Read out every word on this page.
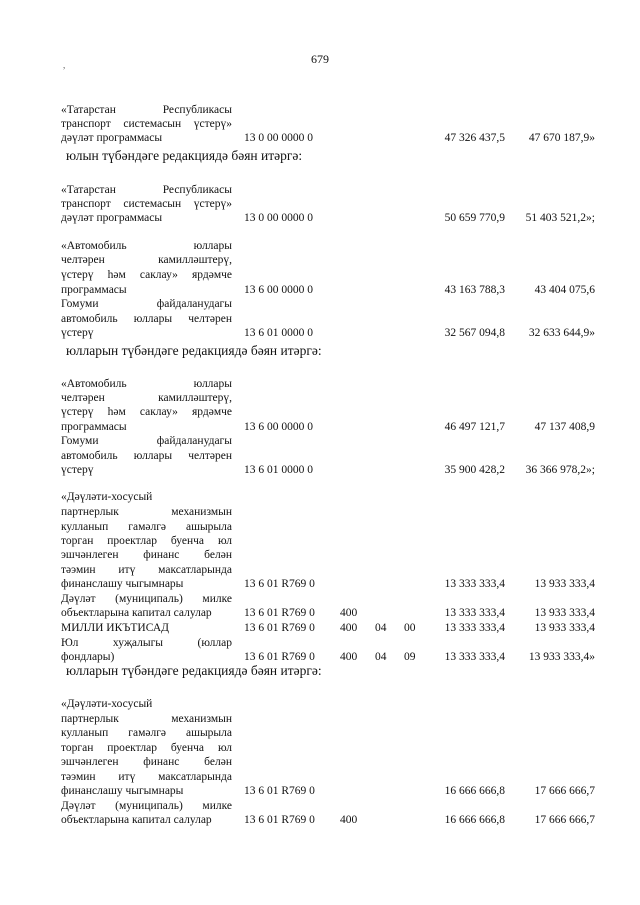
679
,
«Татарстан Республикасы
транспорт системасын үстерү»
дәүләт программасы	13 0 00 0000 0	47 326 437,5 47 670 187,9»
юлын түбәндәге редакциядә бәян итәргә:
«Татарстан Республикасы
транспорт системасын үстерү»
дәүләт программасы	13 0 00 0000 0	50 659 770,9 51 403 521,2»;
«Автомобиль юллары
челтәрен камилләштерү,
үстерү һәм саклау» ярдәмче
программасы	13 6 00 0000 0	43 163 788,3	43 404 075,6
Гомуми файдаланудагы
автомобиль юллары челтәрен
үстерү	13 6 01 0000 0	32 567 094,8 32 633 644,9»
юлларын түбәндәге редакциядә бәян итәргә:
«Автомобиль юллары
челтәрен камилләштерү,
үстерү һәм саклау» ярдәмче
программасы	13 6 00 0000 0	46 497 121,7	47 137 408,9
Гомуми файдаланудагы
автомобиль юллары челтәрен
үстерү	13 6 01 0000 0	35 900 428,2 36 366 978,2»;
«Дәүләти-хосусый
партнерлык механизмын
кулланып гамәлгә ашырыла
торган проектлар буенча юл
эшчәнлеген финанс белән
тәэмин итү максатларында
финанслашу чыгымнары	13 6 01 R769 0	13 333 333,4	13 933 333,4
Дәүләт (муниципаль) милке
объектларына капитал салулар	13 6 01 R769 0 400	13 333 333,4	13 933 333,4
МИЛЛИ ИКЪТИСАД	13 6 01 R769 0 400 04 00	13 333 333,4	13 933 333,4
Юл хуҗалыгы (юллар
фондлары)	13 6 01 R769 0 400 04 09	13 333 333,4 13 933 333,4»
юлларын түбәндәге редакциядә бәян итәргә:
«Дәүләти-хосусый
партнерлык механизмын
кулланып гамәлгә ашырыла
торган проектлар буенча юл
эшчәнлеген финанс белән
тәэмин итү максатларында
финанслашу чыгымнары	13 6 01 R769 0	16 666 666,8	17 666 666,7
Дәүләт (муниципаль) милке
объектларына капитал салулар	13 6 01 R769 0 400	16 666 666,8	17 666 666,7
